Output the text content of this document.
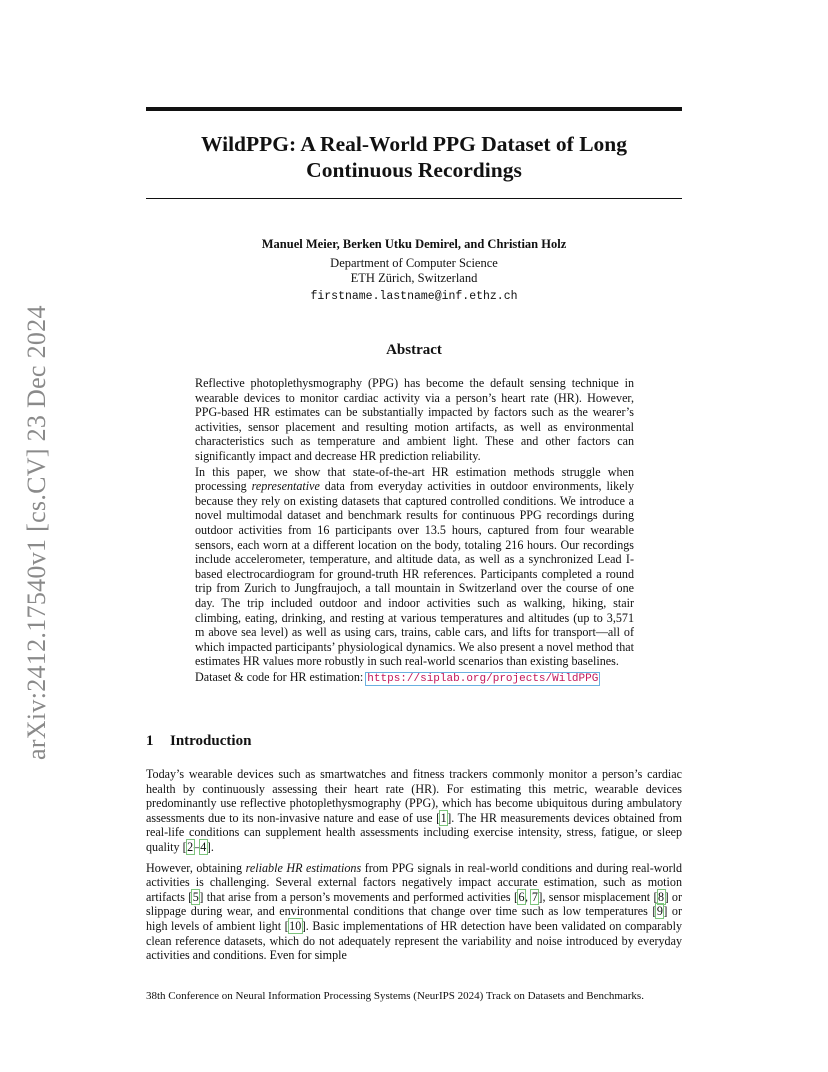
arXiv:2412.17540v1 [cs.CV] 23 Dec 2024
WildPPG: A Real-World PPG Dataset of Long
Continuous Recordings

Manuel Meier, Berken Utku Demirel, and Christian Holz

Department of Computer Science

ETH Zürich, Switzerland

firstname.lastname@inf.ethz.ch

Abstract

Reflective photoplethysmography (PPG) has become the default sensing technique in wearable devices to monitor cardiac activity via a person’s heart rate (HR). However, PPG-based HR estimates can be substantially impacted by factors such as the wearer’s activities, sensor placement and resulting motion artifacts, as well as environmental characteristics such as temperature and ambient light. These and other factors can significantly impact and decrease HR prediction reliability.

In this paper, we show that state-of-the-art HR estimation methods struggle when processing representative data from everyday activities in outdoor environments, likely because they rely on existing datasets that captured controlled conditions. We introduce a novel multimodal dataset and benchmark results for continuous PPG recordings during outdoor activities from 16 participants over 13.5 hours, captured from four wearable sensors, each worn at a different location on the body, totaling 216 hours. Our recordings include accelerometer, temperature, and altitude data, as well as a synchronized Lead I-based electrocardiogram for ground-truth HR references. Participants completed a round trip from Zurich to Jungfraujoch, a tall mountain in Switzerland over the course of one day. The trip included outdoor and indoor activities such as walking, hiking, stair climbing, eating, drinking, and resting at various temperatures and altitudes (up to 3,571 m above sea level) as well as using cars, trains, cable cars, and lifts for transport—all of which impacted participants’ physiological dynamics. We also present a novel method that estimates HR values more robustly in such real-world scenarios than existing baselines.

Dataset & code for HR estimation: https://siplab.org/projects/WildPPG

1 Introduction

Today’s wearable devices such as smartwatches and fitness trackers commonly monitor a person’s cardiac health by continuously assessing their heart rate (HR). For estimating this metric, wearable devices predominantly use reflective photoplethysmography (PPG), which has become ubiquitous during ambulatory assessments due to its non-invasive nature and ease of use [1]. The HR measurements devices obtained from real-life conditions can supplement health assessments including exercise intensity, stress, fatigue, or sleep quality [2–4].

However, obtaining reliable HR estimations from PPG signals in real-world conditions and during real-world activities is challenging. Several external factors negatively impact accurate estimation, such as motion artifacts [5] that arise from a person’s movements and performed activities [6, 7], sensor misplacement [8] or slippage during wear, and environmental conditions that change over time such as low temperatures [9] or high levels of ambient light [10]. Basic implementations of HR detection have been validated on comparably clean reference datasets, which do not adequately represent the variability and noise introduced by everyday activities and conditions. Even for simple

38th Conference on Neural Information Processing Systems (NeurIPS 2024) Track on Datasets and Benchmarks.
